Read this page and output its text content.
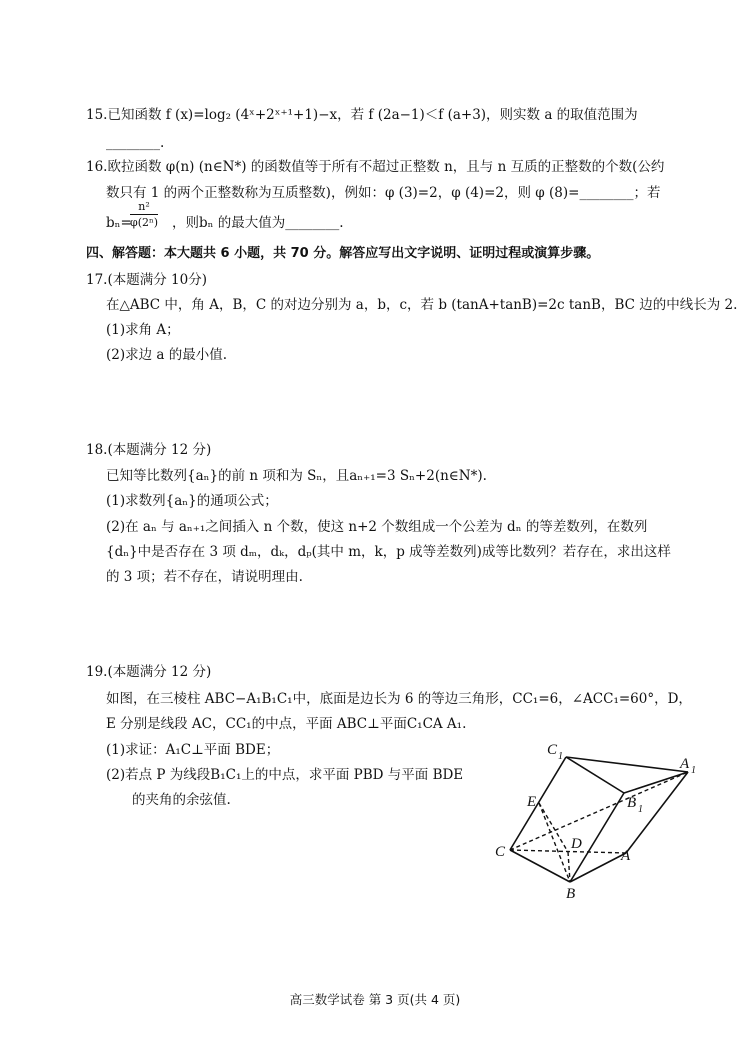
15.已知函数 f (x)=log₂ (4ˣ+2ˣ⁺¹+1)−x，若 f (2a−1)＜f (a+3)，则实数 a 的取值范围为
________.
16.欧拉函数 φ(n) (n∈N*) 的函数值等于所有不超过正整数 n，且与 n 互质的正整数的个数(公约
数只有 1 的两个正整数称为互质整数)，例如：φ (3)=2，φ (4)=2，则 φ (8)=________；若
bₙ=
$\frac{\text{n²}}{\text{φ(2ⁿ)}}$ ，则bₙ 的最大值为________.
四、解答题：本大题共 6 小题，共 70 分。解答应写出文字说明、证明过程或演算步骤。
17.(本题满分 10分)
在△ABC 中，角 A，B，C 的对边分别为 a，b，c，若 b (tanA+tanB)=2c tanB，BC 边的中线长为 2.
(1)求角 A；
(2)求边 a 的最小值.
18.(本题满分 12 分)
已知等比数列{aₙ}的前 n 项和为 Sₙ，且aₙ₊₁=3 Sₙ+2(n∈N*).
(1)求数列{aₙ}的通项公式；
(2)在 aₙ 与 aₙ₊₁之间插入 n 个数，使这 n+2 个数组成一个公差为 dₙ 的等差数列，在数列
{dₙ}中是否存在 3 项 dₘ，dₖ，dₚ(其中 m，k，p 成等差数列)成等比数列？若存在，求出这样
的 3 项；若不存在，请说明理由.
19.(本题满分 12 分)
如图，在三棱柱 ABC−A₁B₁C₁中，底面是边长为 6 的等边三角形，CC₁=6，∠ACC₁=60°，D，
E 分别是线段 AC，CC₁的中点，平面 ABC⊥平面C₁CA A₁.
(1)求证：A₁C⊥平面 BDE；
(2)若点 P 为线段B₁C₁上的中点，求平面 PBD 与平面 BDE
的夹角的余弦值.
C 1	A 1
B 1
E
D
C	A
B
高三数学试卷 第 3 页(共 4 页)
